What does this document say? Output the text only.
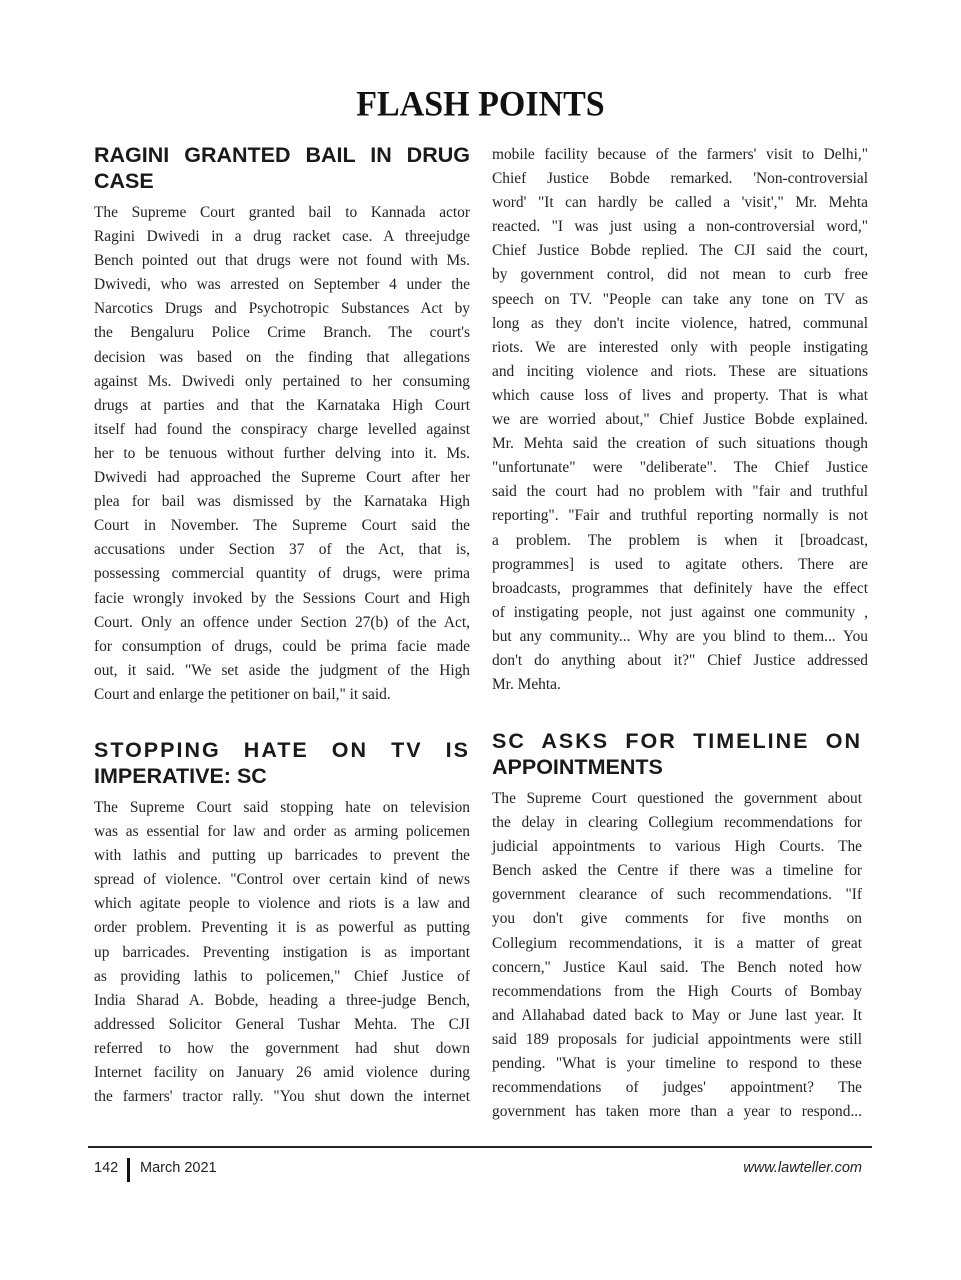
FLASH POINTS
RAGINI GRANTED BAIL IN DRUG
CASE
The Supreme Court granted bail to Kannada actor
Ragini Dwivedi in a drug racket case. A threejudge
Bench pointed out that drugs were not found with Ms.
Dwivedi, who was arrested on September 4 under the
Narcotics Drugs and Psychotropic Substances Act by
the Bengaluru Police Crime Branch. The court's
decision was based on the finding that allegations
against Ms. Dwivedi only pertained to her consuming
drugs at parties and that the Karnataka High Court
itself had found the conspiracy charge levelled against
her to be tenuous without further delving into it. Ms.
Dwivedi had approached the Supreme Court after her
plea for bail was dismissed by the Karnataka High
Court in November. The Supreme Court said the
accusations under Section 37 of the Act, that is,
possessing commercial quantity of drugs, were prima
facie wrongly invoked by the Sessions Court and High
Court. Only an offence under Section 27(b) of the Act,
for consumption of drugs, could be prima facie made
out, it said. "We set aside the judgment of the High
Court and enlarge the petitioner on bail," it said.
STOPPING HATE ON TV IS
IMPERATIVE: SC
The Supreme Court said stopping hate on television
was as essential for law and order as arming policemen
with lathis and putting up barricades to prevent the
spread of violence. "Control over certain kind of news
which agitate people to violence and riots is a law and
order problem. Preventing it is as powerful as putting
up barricades. Preventing instigation is as important
as providing lathis to policemen," Chief Justice of
India Sharad A. Bobde, heading a three-judge Bench,
addressed Solicitor General Tushar Mehta. The CJI
referred to how the government had shut down
Internet facility on January 26 amid violence during
the farmers' tractor rally. "You shut down the internet
mobile facility because of the farmers' visit to Delhi,"
Chief Justice Bobde remarked. 'Non-controversial
word' "It can hardly be called a 'visit'," Mr. Mehta
reacted. "I was just using a non-controversial word,"
Chief Justice Bobde replied. The CJI said the court,
by government control, did not mean to curb free
speech on TV. "People can take any tone on TV as
long as they don't incite violence, hatred, communal
riots. We are interested only with people instigating
and inciting violence and riots. These are situations
which cause loss of lives and property. That is what
we are worried about," Chief Justice Bobde explained.
Mr. Mehta said the creation of such situations though
"unfortunate" were "deliberate". The Chief Justice
said the court had no problem with "fair and truthful
reporting". "Fair and truthful reporting normally is not
a problem. The problem is when it [broadcast,
programmes] is used to agitate others. There are
broadcasts, programmes that definitely have the effect
of instigating people, not just against one community ,
but any community... Why are you blind to them... You
don't do anything about it?" Chief Justice addressed
Mr. Mehta.
SC ASKS FOR TIMELINE ON
APPOINTMENTS
The Supreme Court questioned the government about
the delay in clearing Collegium recommendations for
judicial appointments to various High Courts. The
Bench asked the Centre if there was a timeline for
government clearance of such recommendations. "If
you don't give comments for five months on
Collegium recommendations, it is a matter of great
concern," Justice Kaul said. The Bench noted how
recommendations from the High Courts of Bombay
and Allahabad dated back to May or June last year. It
said 189 proposals for judicial appointments were still
pending. "What is your timeline to respond to these
recommendations of judges' appointment? The
government has taken more than a year to respond...
142 March 2021	www.lawteller.com
